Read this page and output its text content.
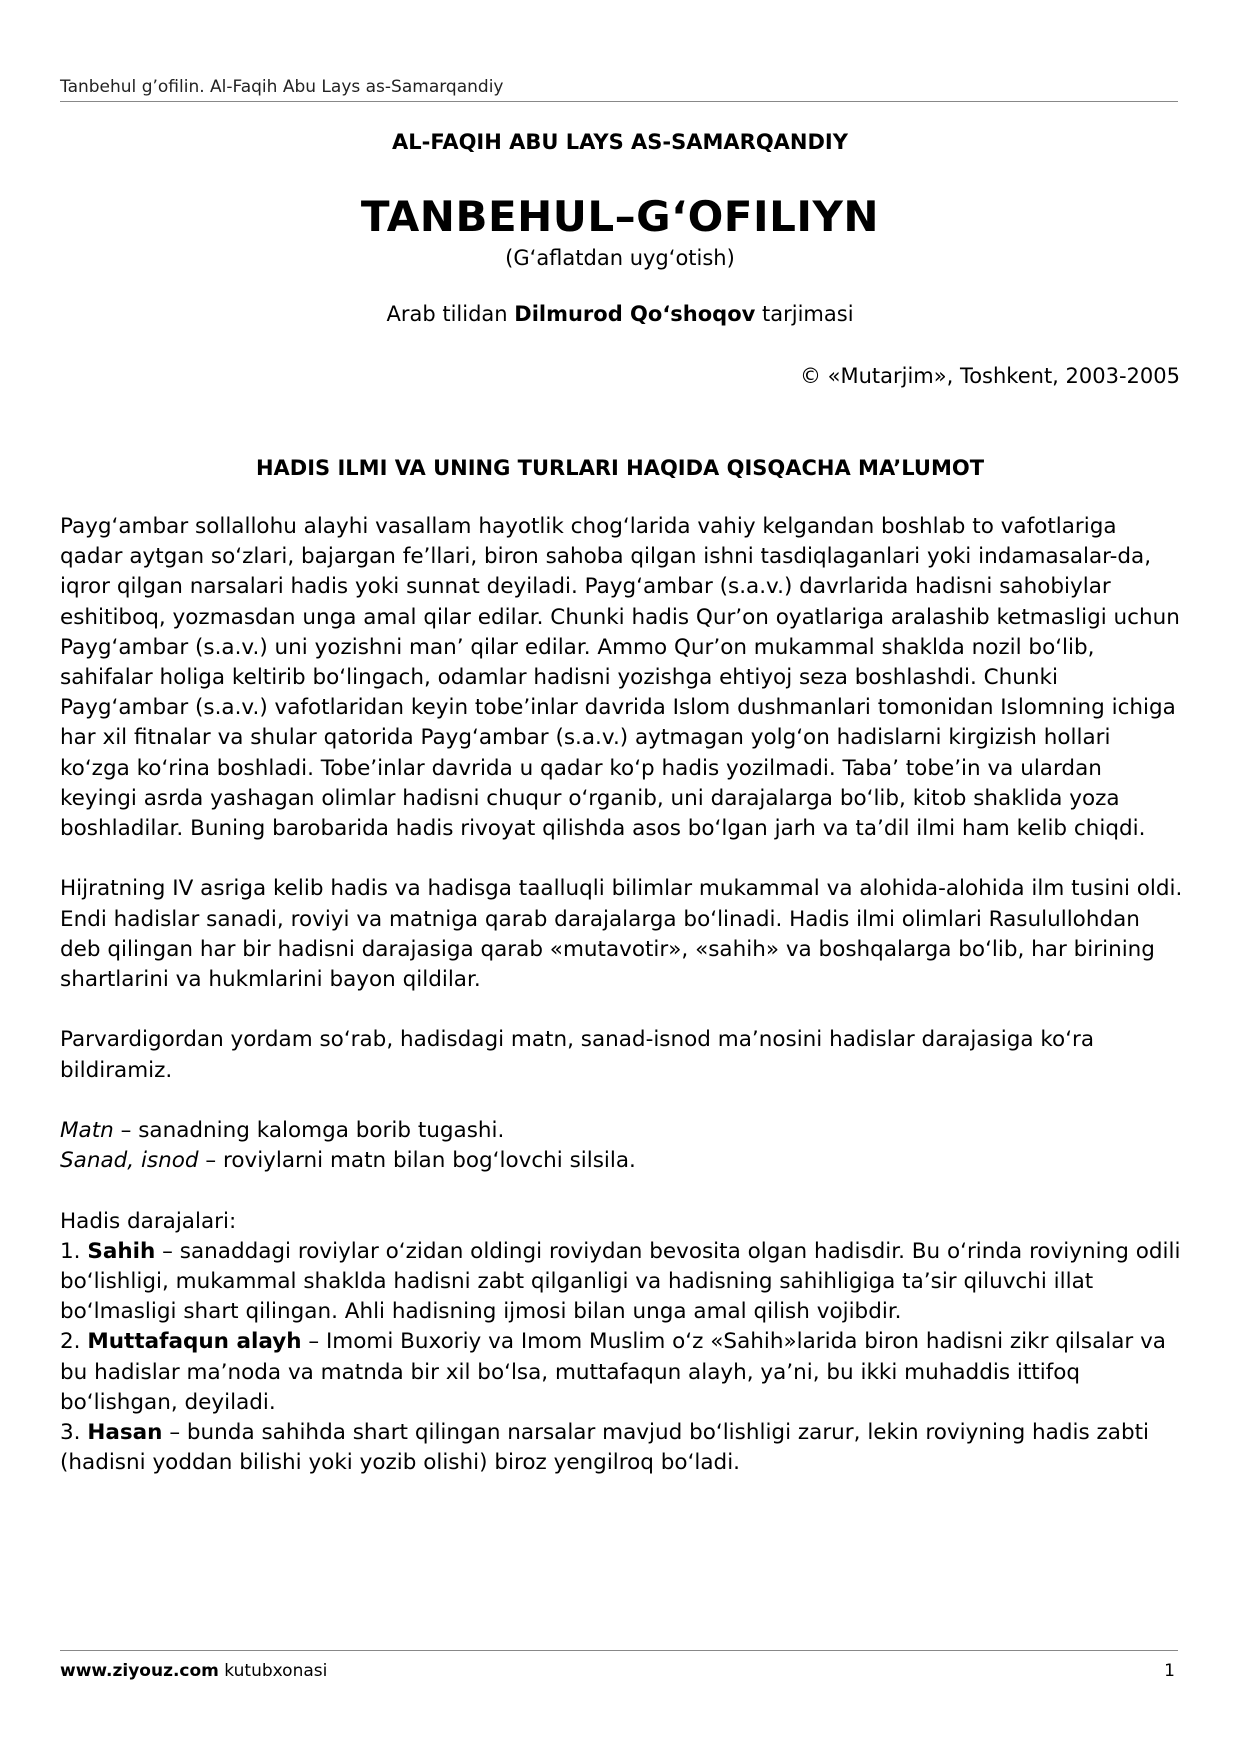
Tanbehul g’ofilin. Al-Faqih Abu Lays as-Samarqandiy
AL-FAQIH ABU LAYS AS-SAMARQANDIY
TANBEHUL–G‘OFILIYN
(G‘aflatdan uyg‘otish)
Arab tilidan Dilmurod Qo‘shoqov tarjimasi
© «Mutarjim», Toshkent, 2003-2005
HADIS ILMI VA UNING TURLARI HAQIDA QISQACHA MA’LUMOT

Payg‘ambar sollallohu alayhi vasallam hayotlik chog‘larida vahiy kelgandan boshlab to vafotlariga qadar aytgan so‘zlari, bajargan fe’llari, biron sahoba qilgan ishni tasdiqlaganlari yoki indamasalar-da, iqror qilgan narsalari hadis yoki sunnat deyiladi. Payg‘ambar (s.a.v.) davrlarida hadisni sahobiylar eshitiboq, yozmasdan unga amal qilar edilar. Chunki hadis Qur’on oyatlariga aralashib ketmasligi uchun Payg‘ambar (s.a.v.) uni yozishni man’ qilar edilar. Ammo Qur’on mukammal shaklda nozil bo‘lib, sahifalar holiga keltirib bo‘lingach, odamlar hadisni yozishga ehtiyoj seza boshlashdi. Chunki Payg‘ambar (s.a.v.) vafotlaridan keyin tobe’inlar davrida Islom dushmanlari tomonidan Islomning ichiga har xil fitnalar va shular qatorida Payg‘ambar (s.a.v.) aytmagan yolg‘on hadislarni kirgizish hollari ko‘zga ko‘rina boshladi. Tobe’inlar davrida u qadar ko‘p hadis yozilmadi. Taba’ tobe’in va ulardan keyingi asrda yashagan olimlar hadisni chuqur o‘rganib, uni darajalarga bo‘lib, kitob shaklida yoza boshladilar. Buning barobarida hadis rivoyat qilishda asos bo‘lgan jarh va ta’dil ilmi ham kelib chiqdi.

Hijratning IV asriga kelib hadis va hadisga taalluqli bilimlar mukammal va alohida-alohida ilm tusini oldi. Endi hadislar sanadi, roviyi va matniga qarab darajalarga bo‘linadi. Hadis ilmi olimlari Rasulullohdan deb qilingan har bir hadisni darajasiga qarab «mutavotir», «sahih» va boshqalarga bo‘lib, har birining shartlarini va hukmlarini bayon qildilar.

Parvardigordan yordam so‘rab, hadisdagi matn, sanad-isnod ma’nosini hadislar darajasiga ko‘ra bildiramiz.

Matn – sanadning kalomga borib tugashi.
Sanad, isnod – roviylarni matn bilan bog‘lovchi silsila.

Hadis darajalari:
1. Sahih – sanaddagi roviylar o‘zidan oldingi roviydan bevosita olgan hadisdir. Bu o‘rinda roviyning odili bo‘lishligi, mukammal shaklda hadisni zabt qilganligi va hadisning sahihligiga ta’sir qiluvchi illat bo‘lmasligi shart qilingan. Ahli hadisning ijmosi bilan unga amal qilish vojibdir.
2. Muttafaqun alayh – Imomi Buxoriy va Imom Muslim o‘z «Sahih»larida biron hadisni zikr qilsalar va bu hadislar ma’noda va matnda bir xil bo‘lsa, muttafaqun alayh, ya’ni, bu ikki muhaddis ittifoq bo‘lishgan, deyiladi.
3. Hasan – bunda sahihda shart qilingan narsalar mavjud bo‘lishligi zarur, lekin roviyning hadis zabti (hadisni yoddan bilishi yoki yozib olishi) biroz yengilroq bo‘ladi.

www.ziyouz.com kutubxonasi	1
